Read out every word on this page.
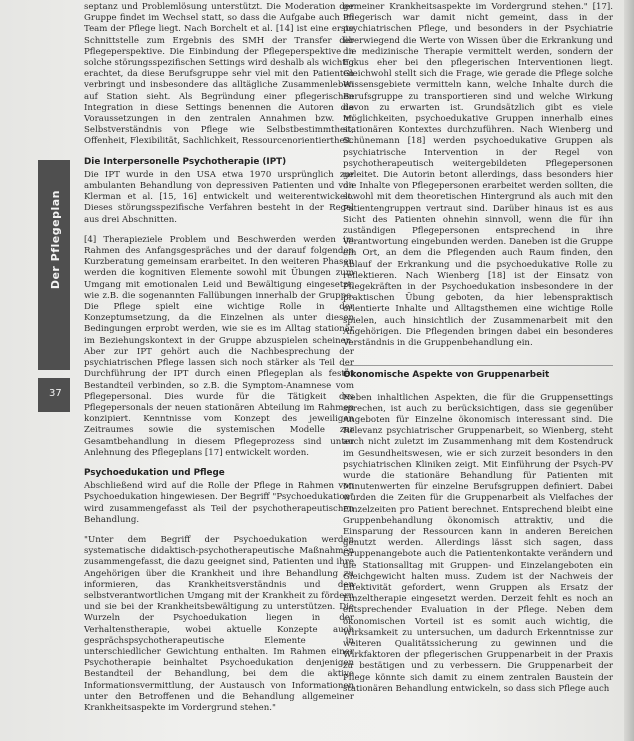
Der Pflegeplan
37

septanz und Problemlösung unterstützt. Die Moderation der Gruppe findet im Wechsel statt, so dass die Aufgabe auch im Team der Pflege liegt. Nach Borchelt et al. [14] ist eine erste Schnittstelle zum Ergebnis des SMH der Transfer der Pflegeperspektive. Die Einbindung der Pflegeperspektive in solche störungsspezifischen Settings wird deshalb als wichtig erachtet, da diese Berufsgruppe sehr viel mit den Patienten verbringt und insbesondere das alltägliche Zusammenleben auf Station sieht. Als Begründung einer pflegerischen Integration in diese Settings benennen die Autoren die Voraussetzungen in den zentralen Annahmen bzw. im Selbstverständnis von Pflege wie Selbstbestimmtheit, Offenheit, Flexibilität, Sachlichkeit, Ressourcenorientiertheit.

Die Interpersonelle Psychotherapie (IPT)

Die IPT wurde in den USA etwa 1970 ursprünglich zur ambulanten Behandlung von depressiven Patienten und von Klerman et al. [15, 16] entwickelt und weiterentwickelt. Dieses störungsspezifische Verfahren besteht in der Regel aus drei Abschnitten.

[4] Therapieziele Problem und Beschwerden werden im Rahmen des Anfangsgespräches und der darauf folgenden Kurzberatung gemeinsam erarbeitet. In den weiteren Phasen werden die kognitiven Elemente sowohl mit Übungen zum Umgang mit emotionalen Leid und Bewältigung eingesetzt, wie z.B. die sogenannten Fallübungen innerhalb der Gruppe. Die Pflege spielt eine wichtige Rolle in der Konzeptumsetzung, da die Einzelnen als unter diesen Bedingungen erprobt werden, wie sie es im Alltag stationär im Beziehungskontext in der Gruppe abzuspielen scheinen. Aber zur IPT gehört auch die Nachbesprechung der psychiatrischen Pflege lassen sich noch stärker als Teil der Durchführung der IPT durch einen Pflegeplan als fester Bestandteil verbinden, so z.B. die Symptom-Anamnese vom Pflegepersonal. Dies wurde für die Tätigkeit des Pflegepersonals der neuen stationären Abteilung im Rahmen konzipiert. Kenntnisse vom Konzept des jeweiligen Zeitraumes sowie die systemischen Modelle zur Gesamtbehandlung in diesem Pflegeprozess sind unter Anlehnung des Pflegeplans [17] entwickelt worden.

Psychoedukation und Pflege

Abschließend wird auf die Rolle der Pflege in Rahmen von Psychoedukation hingewiesen. Der Begriff "Psychoedukation" wird zusammengefasst als Teil der psychotherapeutischen Behandlung.

"Unter dem Begriff der Psychoedukation werden systematische didaktisch-psychotherapeutische Maßnahmen zusammengefasst, die dazu geeignet sind, Patienten und ihre Angehörigen über die Krankheit und ihre Behandlung zu informieren, das Krankheitsverständnis und den selbstverantwortlichen Umgang mit der Krankheit zu fördern und sie bei der Krankheitsbewältigung zu unterstützen. Die Wurzeln der Psychoedukation liegen in der Verhaltenstherapie, wobei aktuelle Konzepte auch gesprächspsychotherapeutische Elemente in unterschiedlicher Gewichtung enthalten. Im Rahmen einer Psychotherapie beinhaltet Psychoedukation denjenigen Bestandteil der Behandlung, bei dem die aktive Informationsvermittlung, der Austausch von Informationen unter den Betroffenen und die Behandlung allgemeiner Krankheitsaspekte im Vordergrund stehen."

gemeiner Krankheitsaspekte im Vordergrund stehen." [17]. Pflegerisch war damit nicht gemeint, dass in der psychiatrischen Pflege, und besonders in der Psychiatrie überwiegend die Werte von Wissen über die Erkrankung und die medizinische Therapie vermittelt werden, sondern der Fokus eher bei den pflegerischen Interventionen liegt. Gleichwohl stellt sich die Frage, wie gerade die Pflege solche Wissensgebiete vermitteln kann, welche Inhalte durch die Berufsgruppe zu transportieren sind und welche Wirkung davon zu erwarten ist. Grundsätzlich gibt es viele Möglichkeiten, psychoedukative Gruppen innerhalb eines stationären Kontextes durchzuführen. Nach Wienberg und Schünemann [18] werden psychoedukative Gruppen als psychiatrische Intervention in der Regel von psychotherapeutisch weitergebildeten Pflegepersonen geleitet. Die Autorin betont allerdings, dass besonders hier die Inhalte von Pflegepersonen erarbeitet werden sollten, die sowohl mit dem theoretischen Hintergrund als auch mit den Patientengruppen vertraut sind. Darüber hinaus ist es aus Sicht des Patienten ohnehin sinnvoll, wenn die für ihn zuständigen Pflegepersonen entsprechend in ihre Verantwortung eingebunden werden. Daneben ist die Gruppe ein Ort, an dem die Pflegenden auch Raum finden, den Ablauf der Erkrankung und die psychoedukative Rolle zu reflektieren. Nach Wienberg [18] ist der Einsatz von Pflegekräften in der Psychoedukation insbesondere in der praktischen Übung geboten, da hier lebenspraktisch orientierte Inhalte und Alltagsthemen eine wichtige Rolle spielen, auch hinsichtlich der Zusammenarbeit mit den Angehörigen. Die Pflegenden bringen dabei ein besonderes Verständnis in die Gruppenbehandlung ein.

Ökonomische Aspekte von Gruppenarbeit

Neben inhaltlichen Aspekten, die für die Gruppensettings sprechen, ist auch zu berücksichtigen, dass sie gegenüber Angeboten für Einzelne ökonomisch interessant sind. Die Relevanz psychiatrischer Gruppenarbeit, so Wienberg, steht auch nicht zuletzt im Zusammenhang mit dem Kostendruck im Gesundheitswesen, wie er sich zurzeit besonders in den psychiatrischen Kliniken zeigt. Mit Einführung der Psych-PV wurde die stationäre Behandlung für Patienten mit Minutenwerten für einzelne Berufsgruppen definiert. Dabei wurden die Zeiten für die Gruppenarbeit als Vielfaches der Einzelzeiten pro Patient berechnet. Entsprechend bleibt eine Gruppenbehandlung ökonomisch attraktiv, und die Einsparung der Ressourcen kann in anderen Bereichen genutzt werden. Allerdings lässt sich sagen, dass Gruppenangebote auch die Patientenkontakte verändern und die Stationsalltag mit Gruppen- und Einzelangeboten ein Gleichgewicht halten muss. Zudem ist der Nachweis der Effektivität gefordert, wenn Gruppen als Ersatz der Einzeltherapie eingesetzt werden. Derzeit fehlt es noch an entsprechender Evaluation in der Pflege. Neben dem ökonomischen Vorteil ist es somit auch wichtig, die Wirksamkeit zu untersuchen, um dadurch Erkenntnisse zur weiteren Qualitätssicherung zu gewinnen und die Wirkfaktoren der pflegerischen Gruppenarbeit in der Praxis zu bestätigen und zu verbessern. Die Gruppenarbeit der Pflege könnte sich damit zu einem zentralen Baustein der stationären Behandlung entwickeln, so dass sich Pflege auch
